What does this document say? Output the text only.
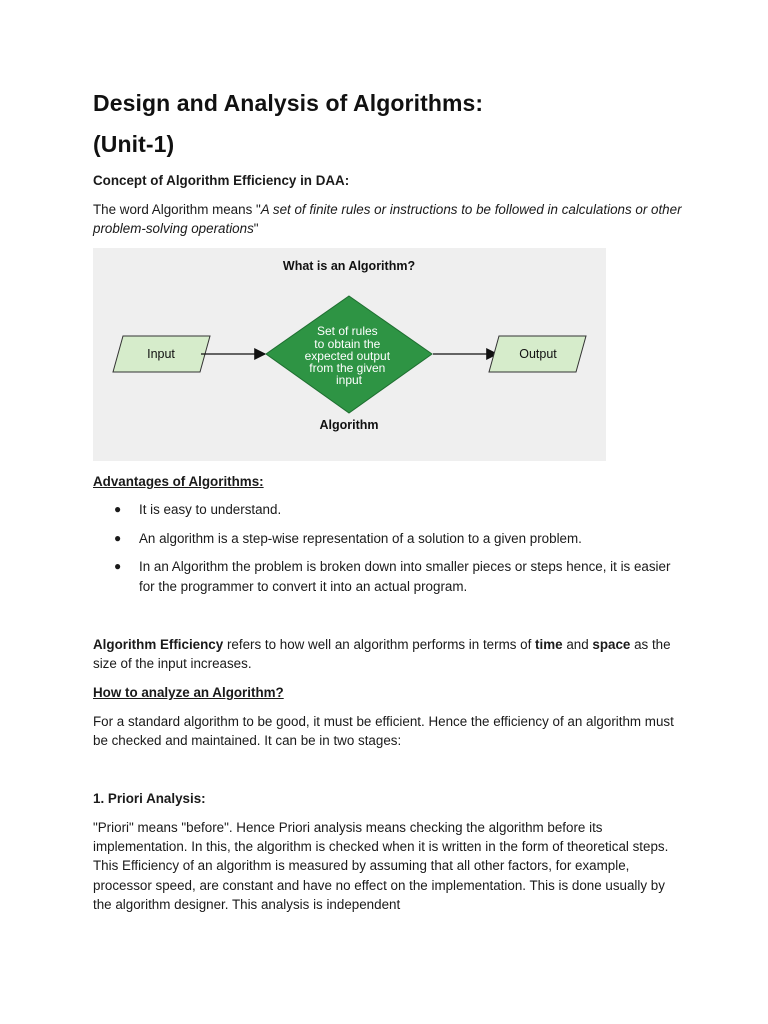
Design and Analysis of Algorithms:
(Unit-1)

Concept of Algorithm Efficiency in DAA:

The word Algorithm means "A set of finite rules or instructions to be followed in calculations or other problem-solving operations"

What is an Algorithm?
Input
Set of rules to obtain the expected output from the given input
Output
Algorithm

Advantages of Algorithms:

● It is easy to understand.
● An algorithm is a step-wise representation of a solution to a given problem.
● In an Algorithm the problem is broken down into smaller pieces or steps hence, it is easier for the programmer to convert it into an actual program.

Algorithm Efficiency refers to how well an algorithm performs in terms of time and space as the size of the input increases.

How to analyze an Algorithm?

For a standard algorithm to be good, it must be efficient. Hence the efficiency of an algorithm must be checked and maintained. It can be in two stages:

1. Priori Analysis:

"Priori" means "before". Hence Priori analysis means checking the algorithm before its implementation. In this, the algorithm is checked when it is written in the form of theoretical steps. This Efficiency of an algorithm is measured by assuming that all other factors, for example, processor speed, are constant and have no effect on the implementation. This is done usually by the algorithm designer. This analysis is independent
